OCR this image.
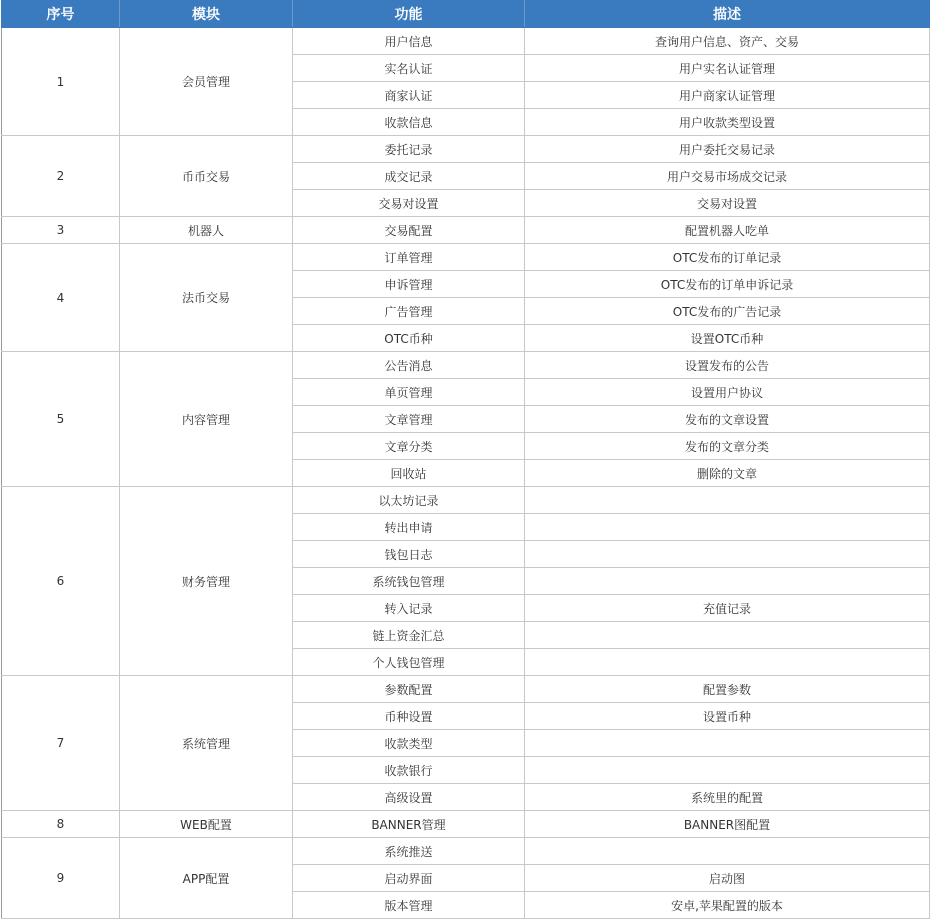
序号	模块	功能	描述
1	会员管理	用户信息	查询用户信息、资产、交易
		实名认证	用户实名认证管理
		商家认证	用户商家认证管理
		收款信息	用户收款类型设置
2	币币交易	委托记录	用户委托交易记录
		成交记录	用户交易市场成交记录
		交易对设置	交易对设置
3	机器人	交易配置	配置机器人吃单
4	法币交易	订单管理	OTC发布的订单记录
		申诉管理	OTC发布的订单申诉记录
		广告管理	OTC发布的广告记录
		OTC币种	设置OTC币种
5	内容管理	公告消息	设置发布的公告
		单页管理	设置用户协议
		文章管理	发布的文章设置
		文章分类	发布的文章分类
		回收站	删除的文章
6	财务管理	以太坊记录	
		转出申请	
		钱包日志	
		系统钱包管理	
		转入记录	充值记录
		链上资金汇总	
		个人钱包管理	
7	系统管理	参数配置	配置参数
		币种设置	设置币种
		收款类型	
		收款银行	
		高级设置	系统里的配置
8	WEB配置	BANNER管理	BANNER图配置
9	APP配置	系统推送	
		启动界面	启动图
		版本管理	安卓,苹果配置的版本
